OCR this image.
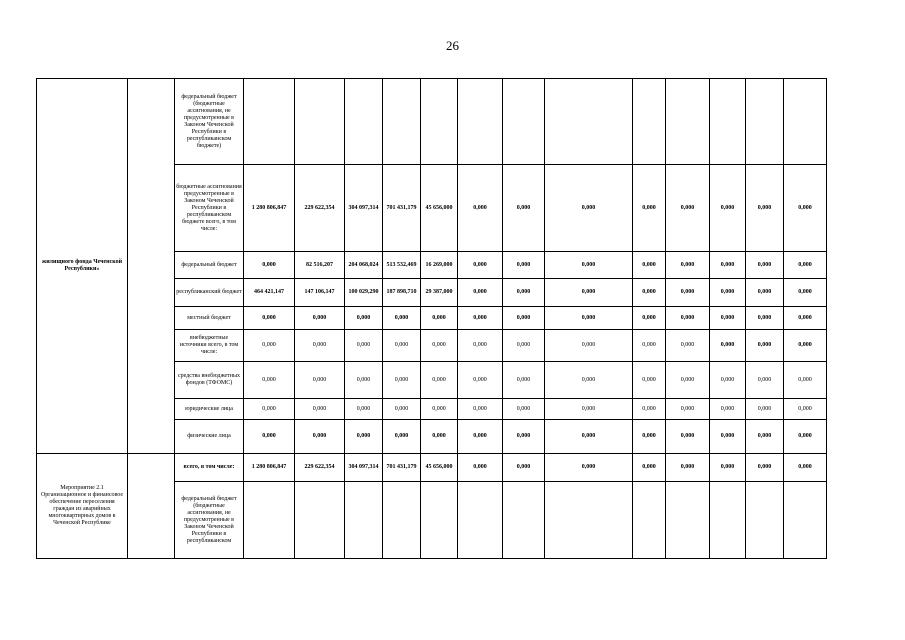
26
жилищного фонда Чеченской Республики»		федеральный бюджет (бюджетные ассигнования, не предусмотренные в Законом Чеченской Республики в республиканском бюджете)													
		бюджетные ассигнования предусмотренные в Законом Чеченской Республики в республиканском бюджете всего, в том числе:	1 280 806,847	229 622,354	304 097,314	701 431,179	45 656,000	0,000	0,000	0,000	0,000	0,000	0,000	0,000	0,000
		федеральный бюджет	0,000	82 516,207	204 068,024	513 532,469	16 269,000	0,000	0,000	0,000	0,000	0,000	0,000	0,000	0,000
		республиканский бюджет	464 421,147	147 106,147	100 029,290	187 898,710	29 387,000	0,000	0,000	0,000	0,000	0,000	0,000	0,000	0,000
		местный бюджет	0,000	0,000	0,000	0,000	0,000	0,000	0,000	0,000	0,000	0,000	0,000	0,000	0,000
		внебюджетные источники всего, в том числе:	0,000	0,000	0,000	0,000	0,000	0,000	0,000	0,000	0,000	0,000	0,000	0,000	0,000
		средства внебюджетных фондов (ТФОМС)	0,000	0,000	0,000	0,000	0,000	0,000	0,000	0,000	0,000	0,000	0,000	0,000	0,000
		юридические лица	0,000	0,000	0,000	0,000	0,000	0,000	0,000	0,000	0,000	0,000	0,000	0,000	0,000
		физические лица	0,000	0,000	0,000	0,000	0,000	0,000	0,000	0,000	0,000	0,000	0,000	0,000	0,000
Мероприятие 2.1 Организационное и финансовое обеспечение переселения граждан из аварийных многоквартирных домов в Чеченской Республике		всего, в том числе:	1 280 806,847	229 622,354	304 097,314	701 431,179	45 656,000	0,000	0,000	0,000	0,000	0,000	0,000	0,000	0,000
		федеральный бюджет (бюджетные ассигнования, не предусмотренные в Законом Чеченской Республики в республиканском													
